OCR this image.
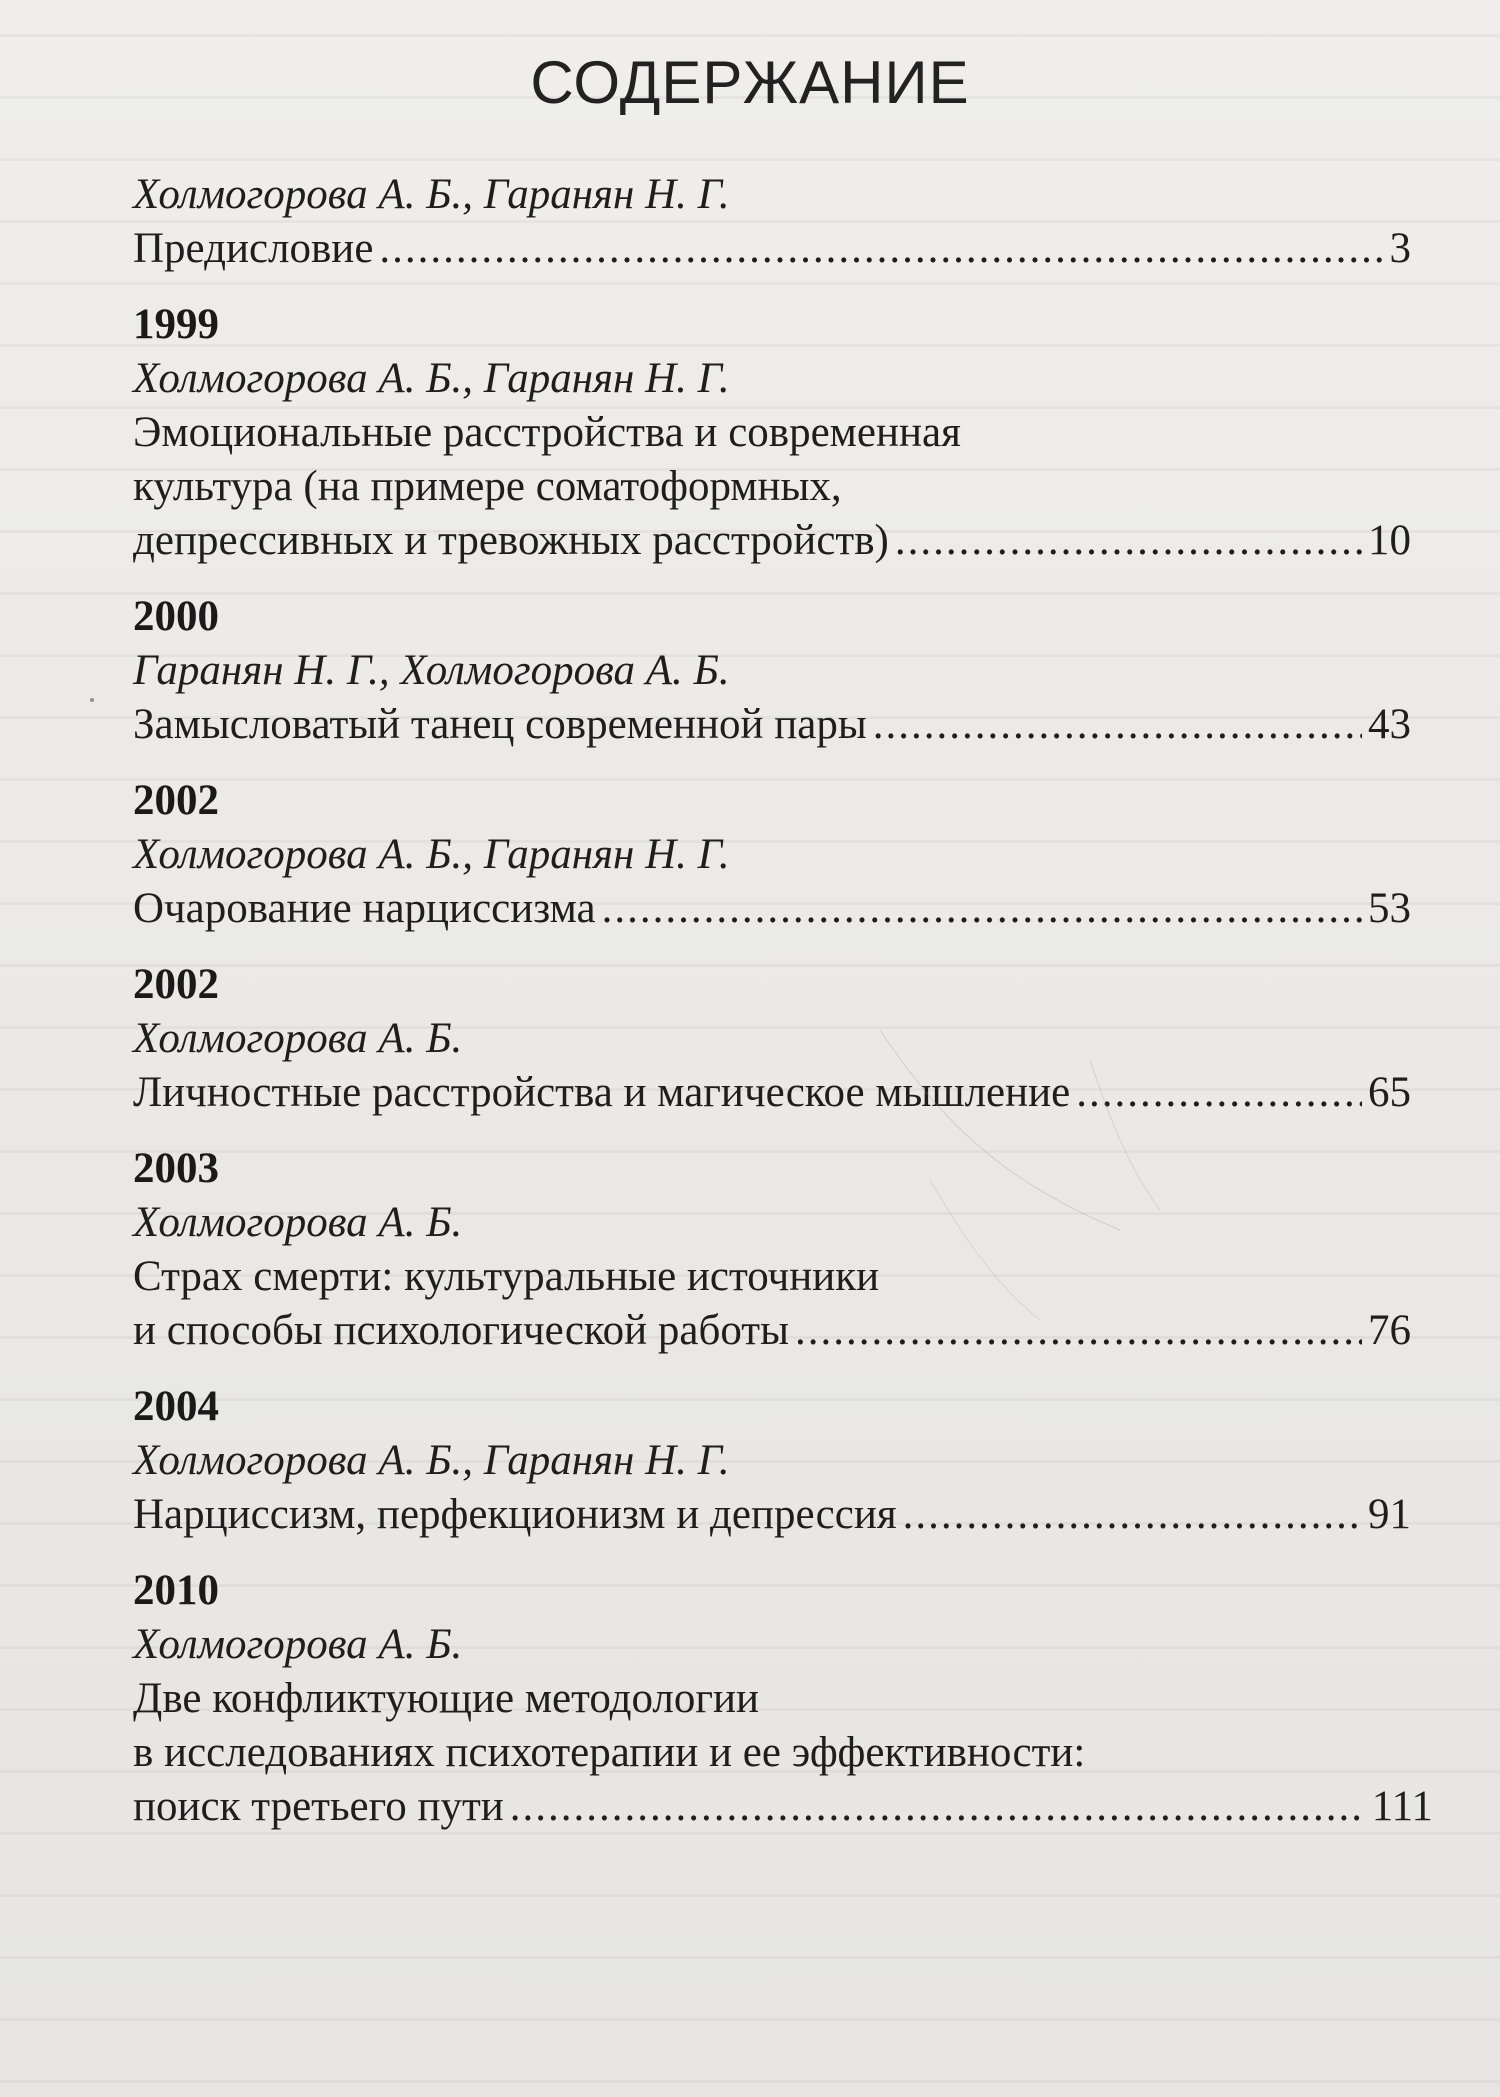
СОДЕРЖАНИЕ
Холмогорова А. Б., Гаранян Н. Г.
Предисловие .....	3
1999
Холмогорова А. Б., Гаранян Н. Г.
Эмоциональные расстройства и современная
культура (на примере соматоформных,
депрессивных и тревожных расстройств) .....	10
2000
Гаранян Н. Г., Холмогорова А. Б.
Замысловатый танец современной пары .....	43
2002
Холмогорова А. Б., Гаранян Н. Г.
Очарование нарциссизма .....	53
2002
Холмогорова А. Б.
Личностные расстройства и магическое мышление .....	65
2003
Холмогорова А. Б.
Страх смерти: культуральные источники
и способы психологической работы .....	76
2004
Холмогорова А. Б., Гаранян Н. Г.
Нарциссизм, перфекционизм и депрессия .....	91
2010
Холмогорова А. Б.
Две конфликтующие методологии
в исследованиях психотерапии и ее эффективности:
поиск третьего пути .....	111
